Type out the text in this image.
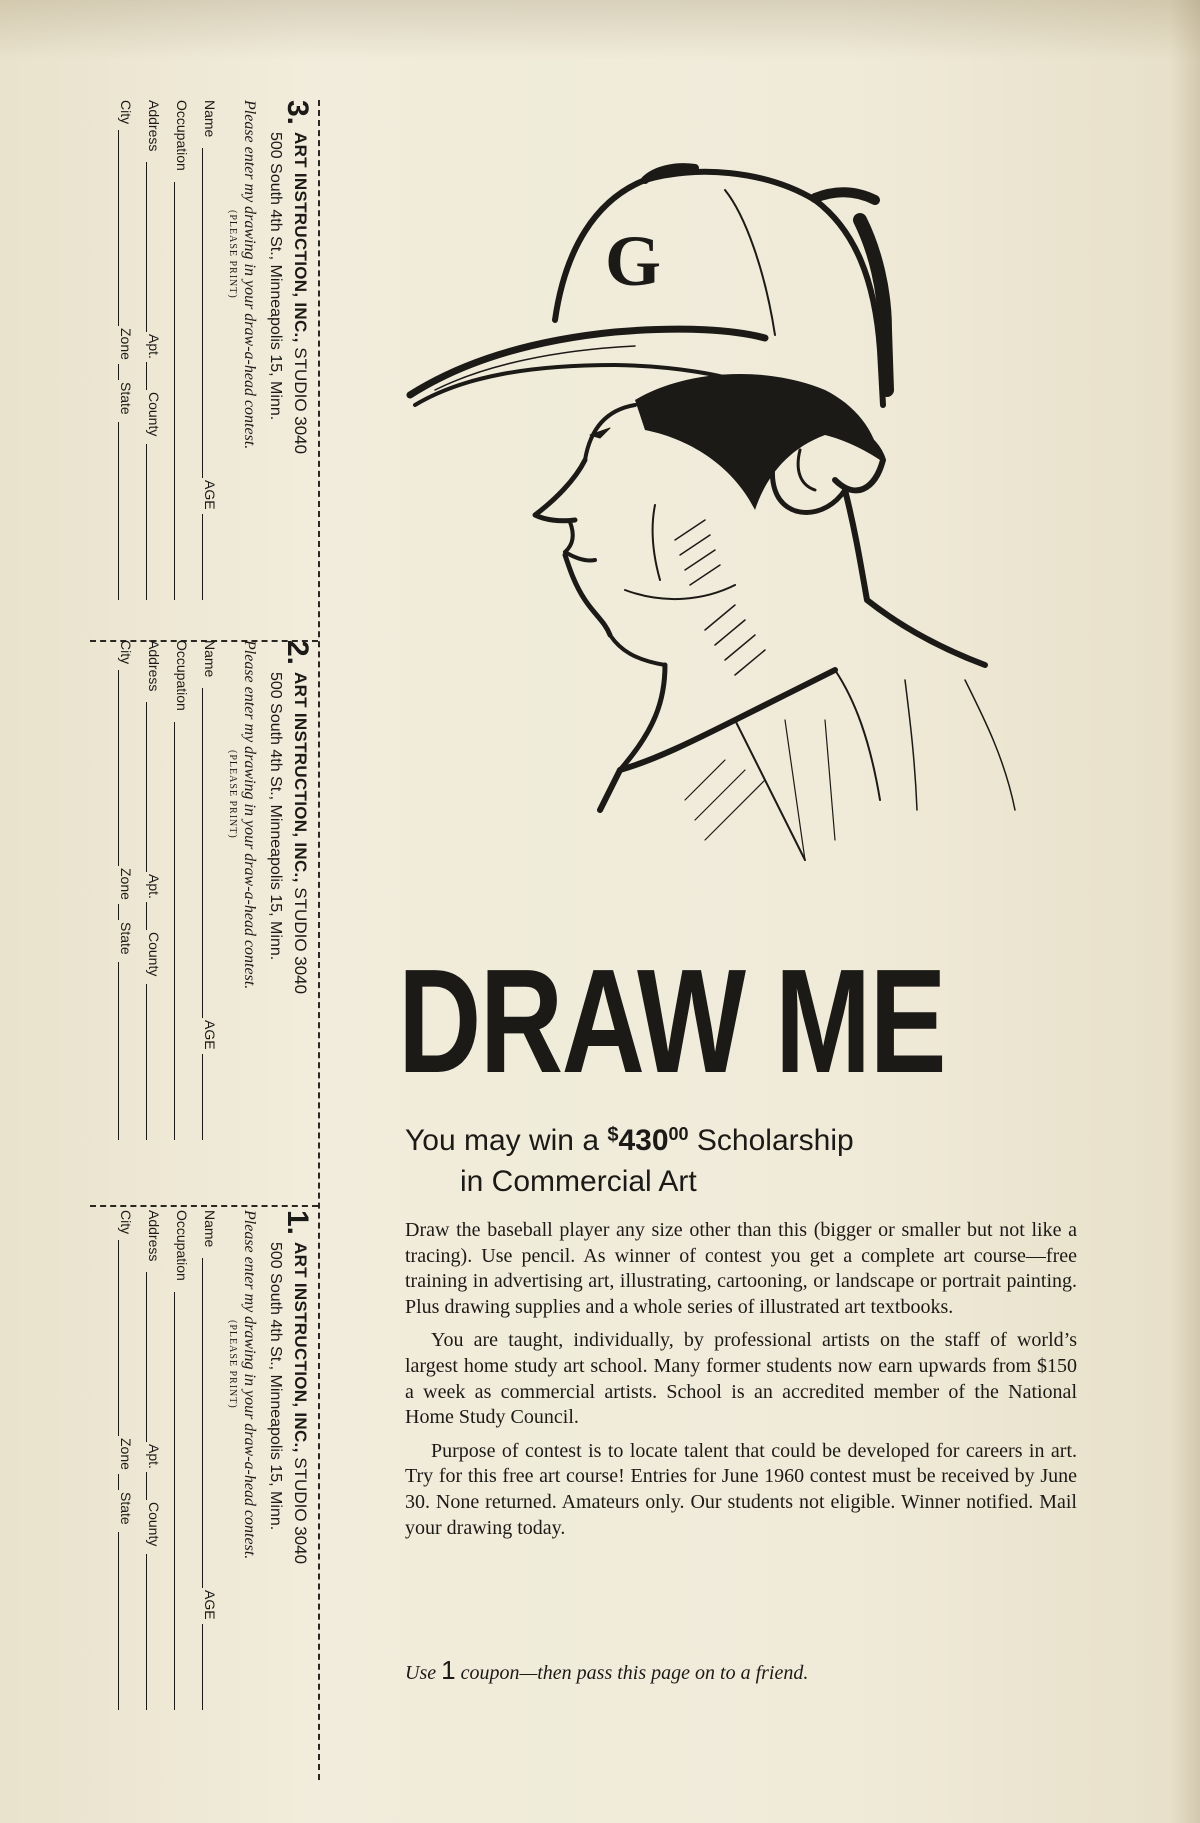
3.
ART INSTRUCTION, INC., STUDIO 3040
500 South 4th St., Minneapolis 15, Minn.
Please enter my drawing in your draw-a-head contest.
(PLEASE PRINT)
Name
AGE
Occupation
Address
Apt.
County
City
Zone
State
2.
ART INSTRUCTION, INC., STUDIO 3040
500 South 4th St., Minneapolis 15, Minn.
Please enter my drawing in your draw-a-head contest.
(PLEASE PRINT)
Name
AGE
Occupation
Address
Apt.
County
City
Zone
State
1.
ART INSTRUCTION, INC., STUDIO 3040
500 South 4th St., Minneapolis 15, Minn.
Please enter my drawing in your draw-a-head contest.
(PLEASE PRINT)
Name
AGE
Occupation
Address
Apt.
County
City
Zone
State
G
DRAW ME
You may win a $^{\$}430^{00}$ Scholarship
in Commercial Art

Draw the baseball player any size other than this (bigger or smaller but not like a tracing). Use pencil. As winner of contest you get a complete art course—free training in advertising art, illustrating, cartooning, or landscape or portrait painting. Plus drawing supplies and a whole series of illustrated art textbooks.

You are taught, individually, by professional artists on the staff of world’s largest home study art school. Many former students now earn upwards from $150 a week as commercial artists. School is an accredited member of the National Home Study Council.

Purpose of contest is to locate talent that could be developed for careers in art. Try for this free art course! Entries for June 1960 contest must be received by June 30. None returned. Amateurs only. Our students not eligible. Winner notified. Mail your drawing today.

Use 1 coupon—then pass this page on to a friend.
